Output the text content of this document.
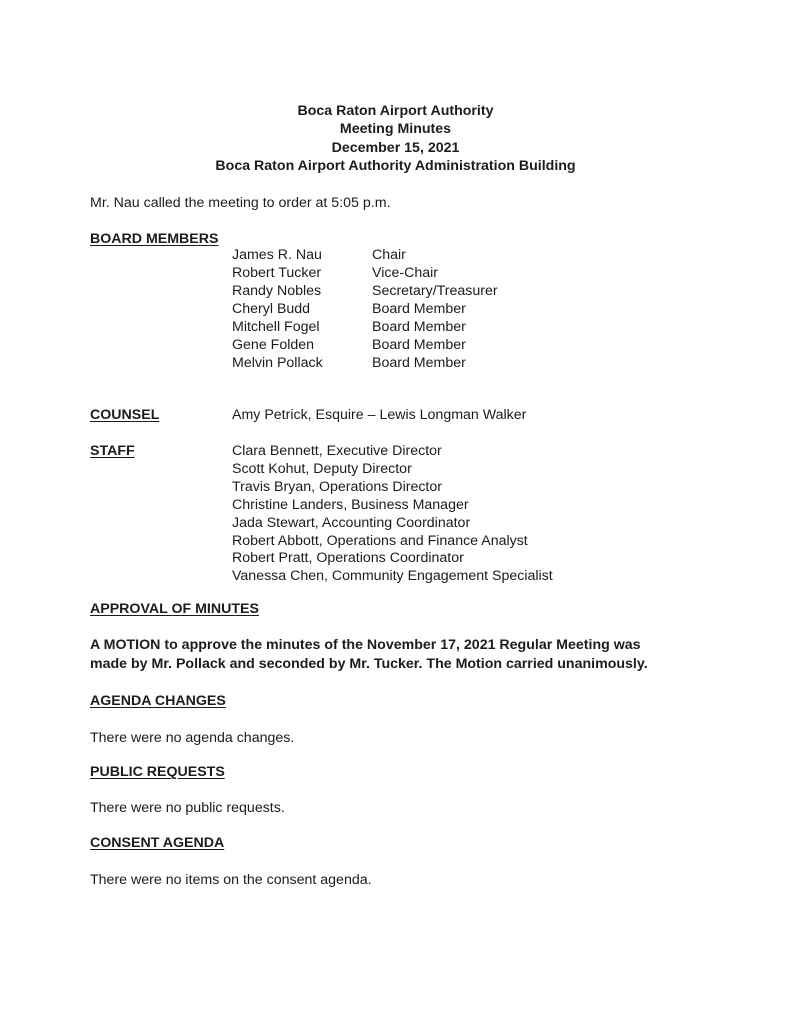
Boca Raton Airport Authority
Meeting Minutes
December 15, 2021
Boca Raton Airport Authority Administration Building
Mr. Nau called the meeting to order at 5:05 p.m.
BOARD MEMBERS
James R. Nau	Chair
Robert Tucker	Vice-Chair
Randy Nobles	Secretary/Treasurer
Cheryl Budd	Board Member
Mitchell Fogel	Board Member
Gene Folden	Board Member
Melvin Pollack	Board Member
COUNSEL	Amy Petrick, Esquire – Lewis Longman Walker
STAFF	Clara Bennett, Executive Director
Scott Kohut, Deputy Director
Travis Bryan, Operations Director
Christine Landers, Business Manager
Jada Stewart, Accounting Coordinator
Robert Abbott, Operations and Finance Analyst
Robert Pratt, Operations Coordinator
Vanessa Chen, Community Engagement Specialist
APPROVAL OF MINUTES
A MOTION to approve the minutes of the November 17, 2021 Regular Meeting was
made by Mr. Pollack and seconded by Mr. Tucker. The Motion carried unanimously.
AGENDA CHANGES
There were no agenda changes.
PUBLIC REQUESTS
There were no public requests.
CONSENT AGENDA
There were no items on the consent agenda.
